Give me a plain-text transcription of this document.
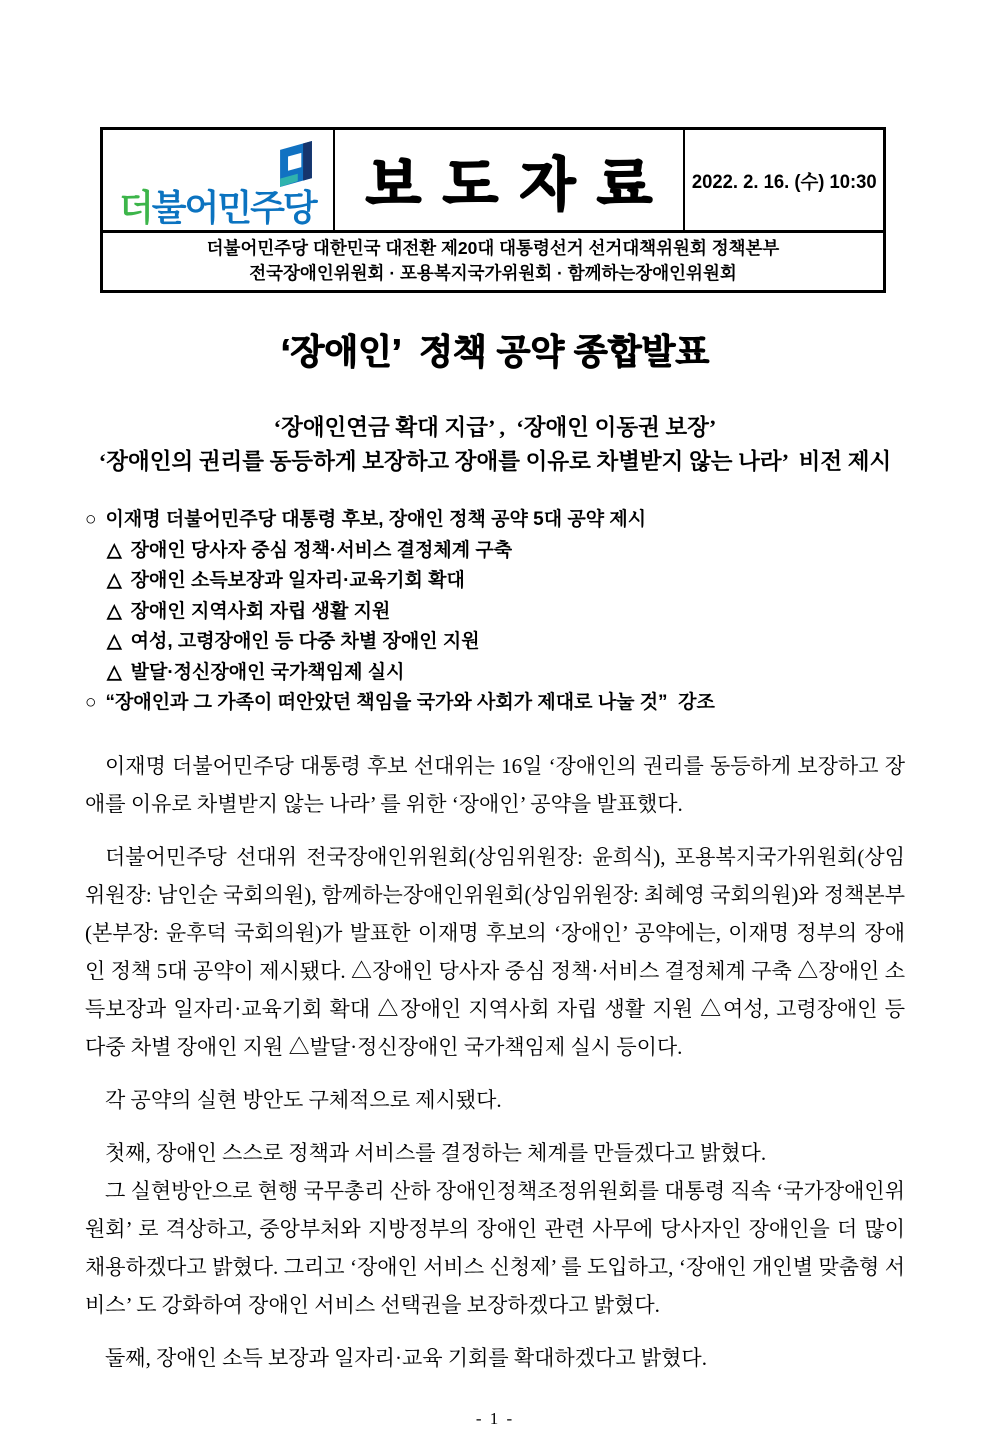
더불어민주당 보도자료 2022. 2. 16. (수) 10:30
더불어민주당 대한민국 대전환 제20대 대통령선거 선거대책위원회 정책본부
전국장애인위원회 · 포용복지국가위원회 · 함께하는장애인위원회
‘장애인’  정책 공약 종합발표
‘장애인연금 확대 지급’ ,  ‘장애인 이동권 보장’
‘장애인의 권리를 동등하게 보장하고 장애를 이유로 차별받지 않는 나라’  비전 제시
○ 이재명 더불어민주당 대통령 후보, 장애인 정책 공약 5대 공약 제시
△ 장애인 당사자 중심 정책·서비스 결정체계 구축
△ 장애인 소득보장과 일자리·교육기회 확대
△ 장애인 지역사회 자립 생활 지원
△ 여성, 고령장애인 등 다중 차별 장애인 지원
△ 발달·정신장애인 국가책임제 실시
○ “장애인과 그 가족이 떠안았던 책임을 국가와 사회가 제대로 나눌 것”  강조

이재명 더불어민주당 대통령 후보 선대위는 16일 ‘장애인의 권리를 동등하게 보장하고 장애를 이유로 차별받지 않는 나라’ 를 위한 ‘장애인’ 공약을 발표했다.

더불어민주당 선대위 전국장애인위원회(상임위원장: 윤희식), 포용복지국가위원회(상임위원장: 남인순 국회의원), 함께하는장애인위원회(상임위원장: 최혜영 국회의원)와 정책본부(본부장: 윤후덕 국회의원)가 발표한 이재명 후보의 ‘장애인’ 공약에는, 이재명 정부의 장애인 정책 5대 공약이 제시됐다. △장애인 당사자 중심 정책·서비스 결정체계 구축 △장애인 소득보장과 일자리·교육기회 확대 △장애인 지역사회 자립 생활 지원 △여성, 고령장애인 등 다중 차별 장애인 지원 △발달·정신장애인 국가책임제 실시 등이다.

각 공약의 실현 방안도 구체적으로 제시됐다.

첫째, 장애인 스스로 정책과 서비스를 결정하는 체계를 만들겠다고 밝혔다.

그 실현방안으로 현행 국무총리 산하 장애인정책조정위원회를 대통령 직속 ‘국가장애인위원회’ 로 격상하고, 중앙부처와 지방정부의 장애인 관련 사무에 당사자인 장애인을 더 많이 채용하겠다고 밝혔다. 그리고 ‘장애인 서비스 신청제’ 를 도입하고, ‘장애인 개인별 맞춤형 서비스’ 도 강화하여 장애인 서비스 선택권을 보장하겠다고 밝혔다.

둘째, 장애인 소득 보장과 일자리·교육 기회를 확대하겠다고 밝혔다.

- 1 -
